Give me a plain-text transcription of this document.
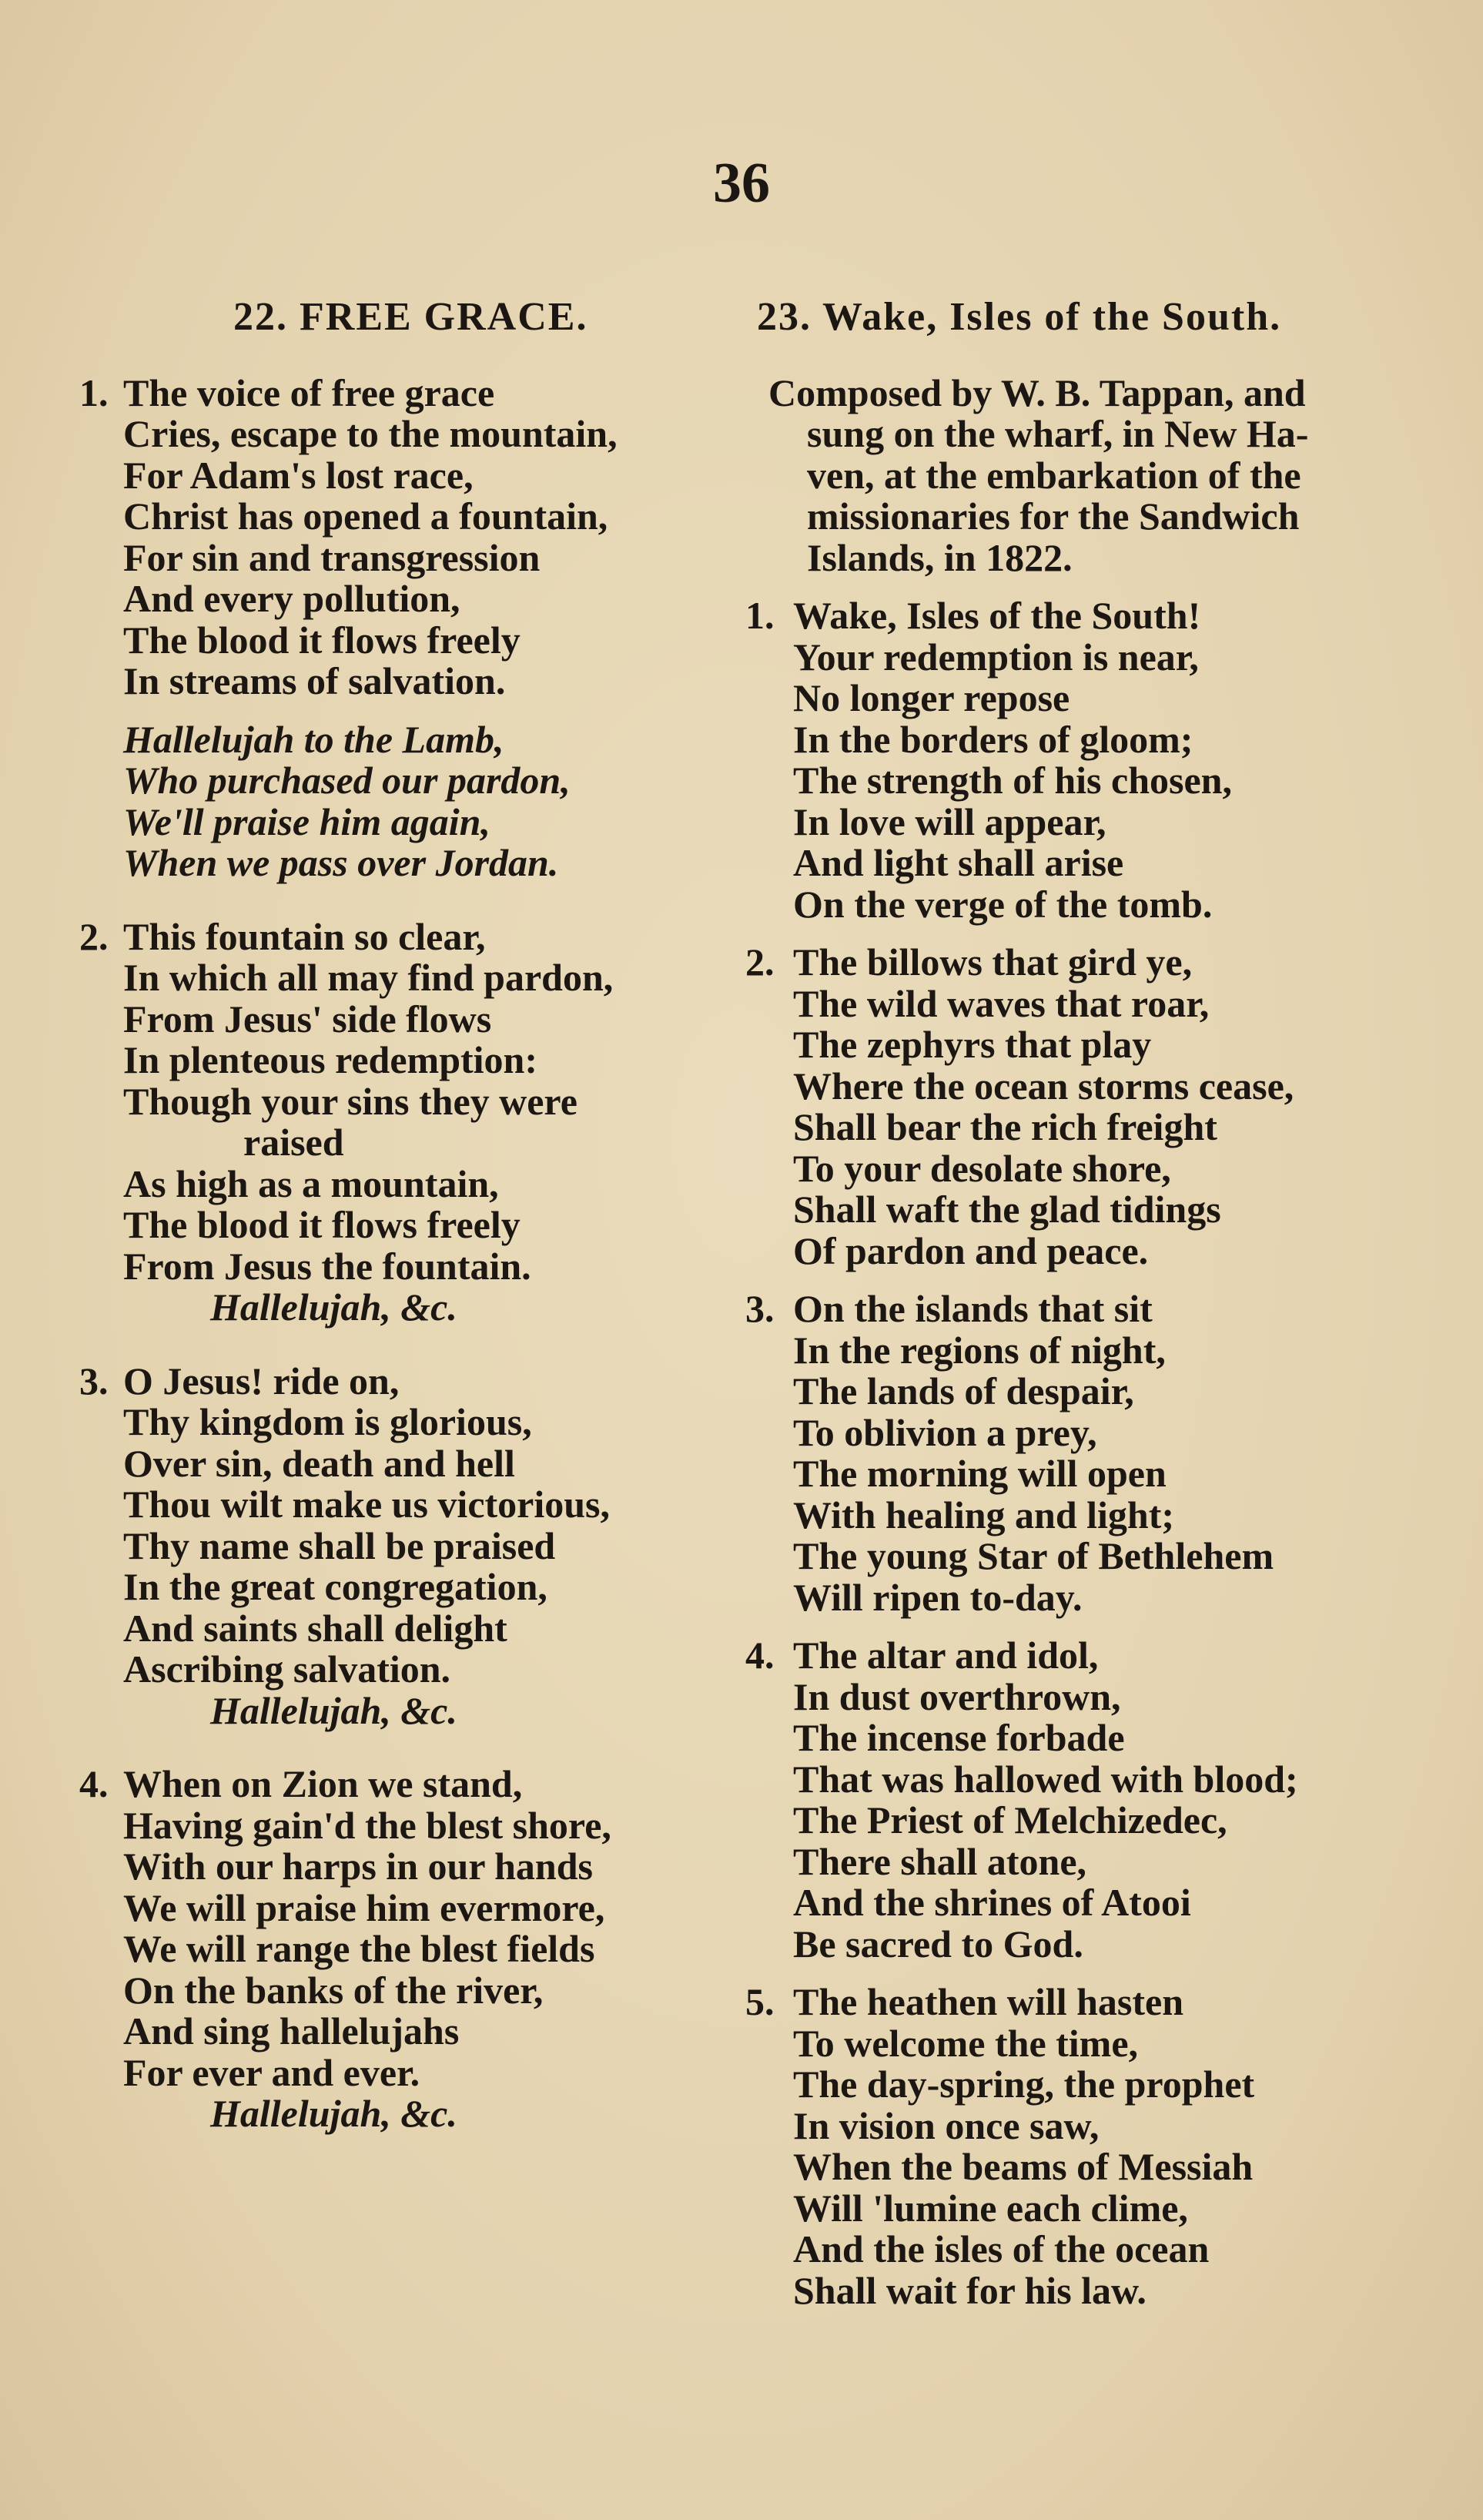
36
22. FREE GRACE.
1. The voice of free grace
Cries, escape to the mountain,
For Adam's lost race,
Christ has opened a fountain,
For sin and transgression
And every pollution,
The blood it flows freely
In streams of salvation.
Hallelujah to the Lamb,
Who purchased our pardon,
We'll praise him again,
When we pass over Jordan.
2. This fountain so clear,
In which all may find pardon,
From Jesus' side flows
In plenteous redemption:
Though your sins they were
raised
As high as a mountain,
The blood it flows freely
From Jesus the fountain.
Hallelujah, &c.
3. O Jesus! ride on,
Thy kingdom is glorious,
Over sin, death and hell
Thou wilt make us victorious,
Thy name shall be praised
In the great congregation,
And saints shall delight
Ascribing salvation.
Hallelujah, &c.
4. When on Zion we stand,
Having gain'd the blest shore,
With our harps in our hands
We will praise him evermore,
We will range the blest fields
On the banks of the river,
And sing hallelujahs
For ever and ever.
Hallelujah, &c.
23. Wake, Isles of the South.
Composed by W. B. Tappan, and
sung on the wharf, in New Ha-
ven, at the embarkation of the
missionaries for the Sandwich
Islands, in 1822.
1. Wake, Isles of the South!
Your redemption is near,
No longer repose
In the borders of gloom;
The strength of his chosen,
In love will appear,
And light shall arise
On the verge of the tomb.
2. The billows that gird ye,
The wild waves that roar,
The zephyrs that play
Where the ocean storms cease,
Shall bear the rich freight
To your desolate shore,
Shall waft the glad tidings
Of pardon and peace.
3. On the islands that sit
In the regions of night,
The lands of despair,
To oblivion a prey,
The morning will open
With healing and light;
The young Star of Bethlehem
Will ripen to-day.
4. The altar and idol,
In dust overthrown,
The incense forbade
That was hallowed with blood;
The Priest of Melchizedec,
There shall atone,
And the shrines of Atooi
Be sacred to God.
5. The heathen will hasten
To welcome the time,
The day-spring, the prophet
In vision once saw,
When the beams of Messiah
Will 'lumine each clime,
And the isles of the ocean
Shall wait for his law.
